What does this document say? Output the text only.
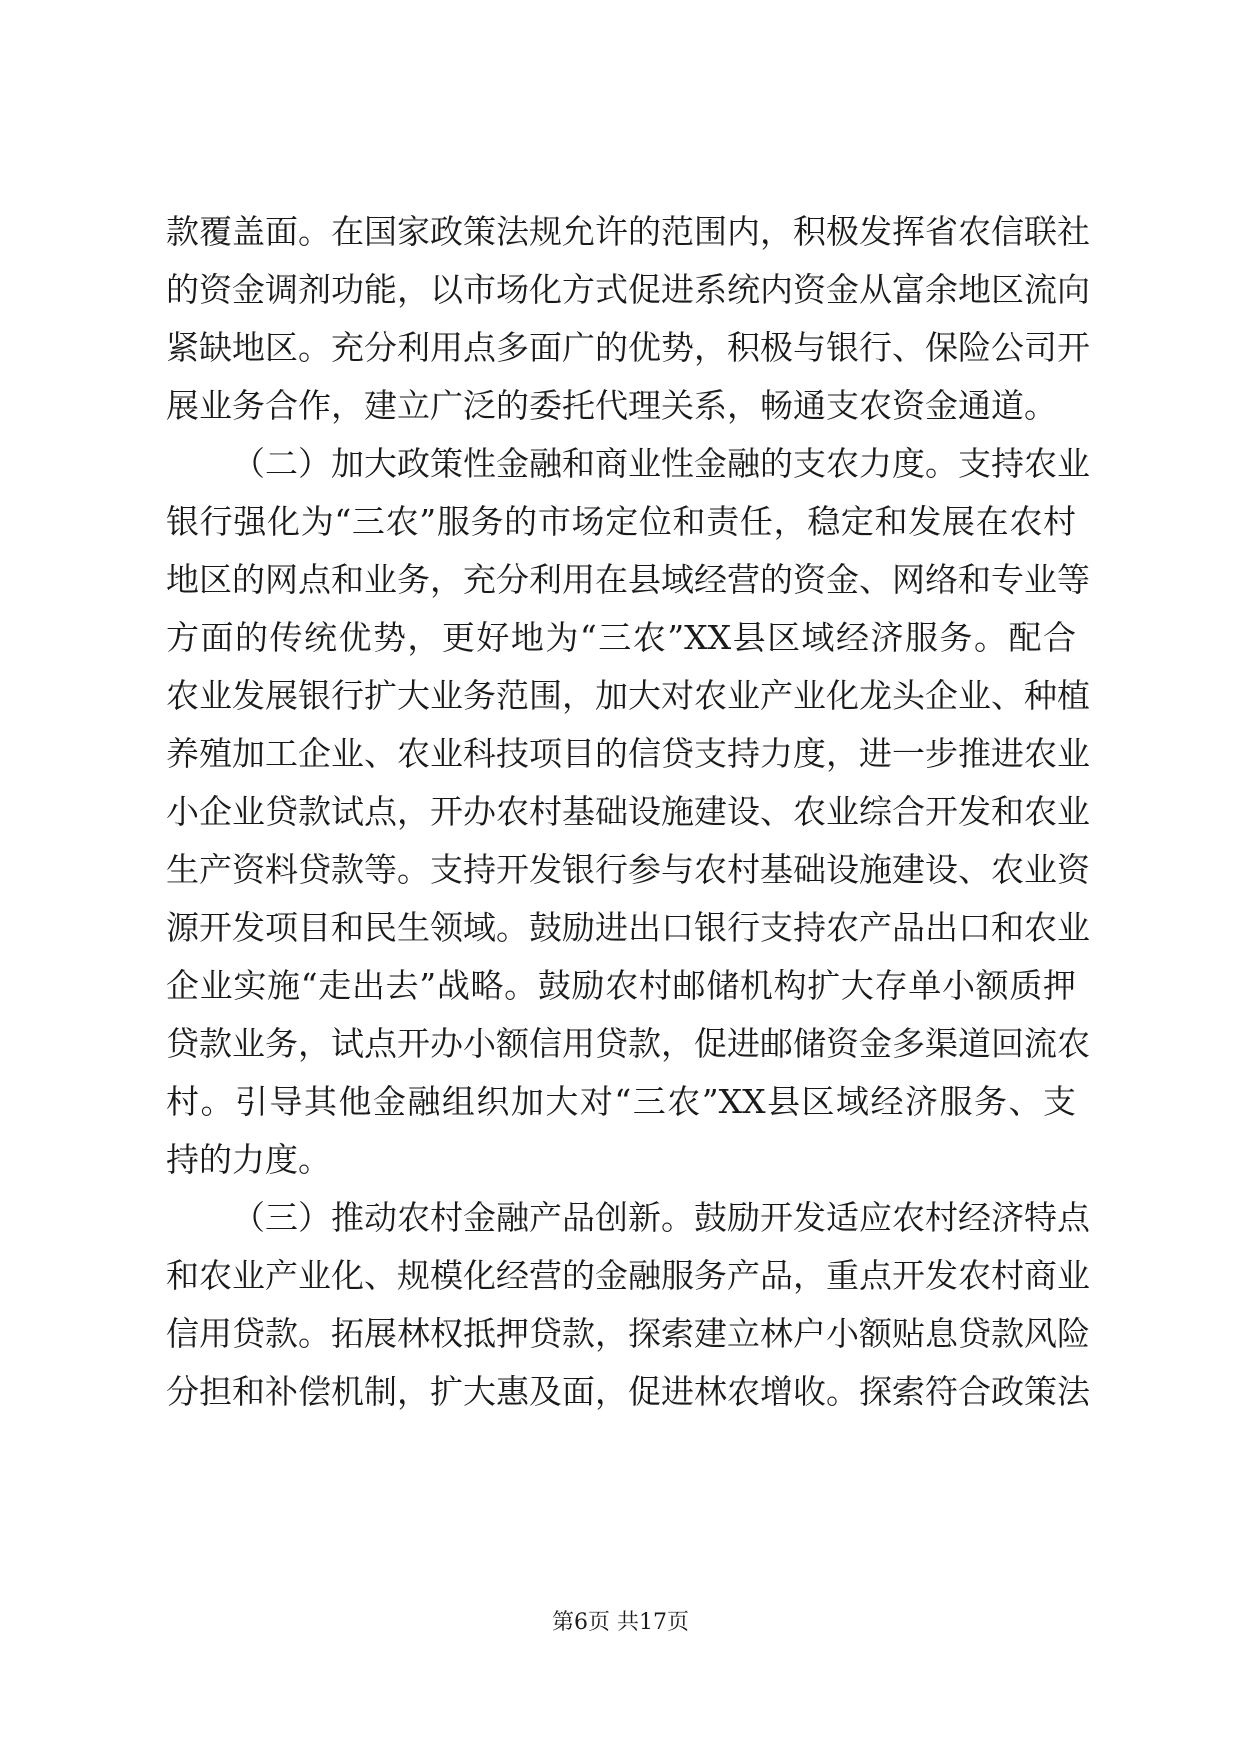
款覆盖面。在国家政策法规允许的范围内，积极发挥省农信联社
的资金调剂功能，以市场化方式促进系统内资金从富余地区流向
紧缺地区。充分利用点多面广的优势，积极与银行、保险公司开
展业务合作，建立广泛的委托代理关系，畅通支农资金通道。
（二）加大政策性金融和商业性金融的支农力度。支持农业
银行强化为“三农”服务的市场定位和责任，稳定和发展在农村
地区的网点和业务，充分利用在县域经营的资金、网络和专业等
方面的传统优势，更好地为“三农”XX县区域经济服务。配合
农业发展银行扩大业务范围，加大对农业产业化龙头企业、种植
养殖加工企业、农业科技项目的信贷支持力度，进一步推进农业
小企业贷款试点，开办农村基础设施建设、农业综合开发和农业
生产资料贷款等。支持开发银行参与农村基础设施建设、农业资
源开发项目和民生领域。鼓励进出口银行支持农产品出口和农业
企业实施“走出去”战略。鼓励农村邮储机构扩大存单小额质押
贷款业务，试点开办小额信用贷款，促进邮储资金多渠道回流农
村。引导其他金融组织加大对“三农”XX县区域经济服务、支
持的力度。
（三）推动农村金融产品创新。鼓励开发适应农村经济特点
和农业产业化、规模化经营的金融服务产品，重点开发农村商业
信用贷款。拓展林权抵押贷款，探索建立林户小额贴息贷款风险
分担和补偿机制，扩大惠及面，促进林农增收。探索符合政策法
第6页 共17页
